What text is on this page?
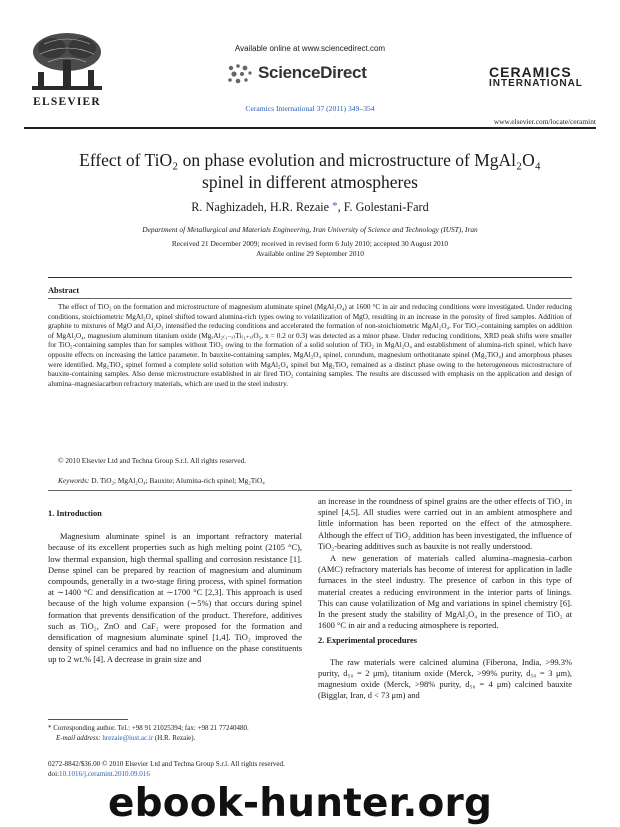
ELSEVIER
Available online at www.sciencedirect.com
ScienceDirect
Ceramics International 37 (2011) 349–354
CERAMICS
INTERNATIONAL
www.elsevier.com/locate/ceramint
Effect of TiO₂ on phase evolution and microstructure of MgAl₂O₄
spinel in different atmospheres
R. Naghizadeh, H.R. Rezaie *, F. Golestani-Fard
Department of Metallurgical and Materials Engineering, Iran University of Science and Technology (IUST), Iran
Received 21 December 2009; received in revised form 6 July 2010; accepted 30 August 2010
Available online 29 September 2010
Abstract
The effect of TiO₂ on the formation and microstructure of magnesium aluminate spinel (MgAl₂O₄) at 1600 °C in air and reducing conditions were investigated. Under reducing conditions, stoichiometric MgAl₂O₄ spinel shifted toward alumina-rich types owing to volatilization of MgO, resulting in an increase in the porosity of fired samples. Addition of graphite to mixtures of MgO and Al₂O₃ intensified the reducing conditions and accelerated the formation of non-stoichiometric MgAl₂O₄. For TiO₂-containing samples on addition of MgAl₂O₄, magnesium aluminum titanium oxide (MgₓAl₂₍₁₋ₓ₎Ti₍₁₊ₓ₎O₅, x = 0.2 or 0.3) was detected as a minor phase. Under reducing conditions, XRD peak shifts were smaller for TiO₂-containing samples than for samples without TiO₂ owing to the formation of a solid solution of TiO₂ in MgAl₂O₄ and establishment of alumina-rich spinel, which have opposite effects on increasing the lattice parameter. In bauxite-containing samples, MgAl₂O₄ spinel, corundum, magnesium orthotitanate spinel (Mg₂TiO₄) and amorphous phases were identified. Mg₂TiO₄ spinel formed a complete solid solution with MgAl₂O₄ spinel but Mg₂TiO₄ remained as a distinct phase owing to the heterogeneous microstructure of bauxite-containing samples. Also dense microstructure established in air fired TiO₂ containing samples. The results are discussed with emphasis on the application and design of alumina–magnesiacarbon refractory materials, which are used in the steel industry.
© 2010 Elsevier Ltd and Techna Group S.r.l. All rights reserved.
Keywords: D. TiO₂; MgAl₂O₄; Bauxite; Alumina-rich spinel; Mg₂TiO₄
1. Introduction
Magnesium aluminate spinel is an important refractory material because of its excellent properties such as high melting point (2105 °C), low thermal expansion, high thermal spalling and corrosion resistance [1]. Dense spinel can be prepared by reaction of magnesium and aluminum compounds, generally in a two-stage firing process, with spinel formation at ∼1400 °C and densification at ∼1700 °C [2,3]. This approach is used because of the high volume expansion (∼5%) that occurs during spinel formation that prevents densification of the product. Therefore, additives such as TiO₂, ZnO and CaF₂ were proposed for the formation and densification of magnesium aluminate spinel [1,4]. TiO₂ improved the density of spinel ceramics and had no influence on the phase constituents up to 2 wt.% [4]. A decrease in grain size and
* Corresponding author. Tel.: +98 91 21025394; fax: +98 21 77240480.
E-mail address: hrezaie@iust.ac.ir (H.R. Rezaie).
0272-8842/$36.00 © 2010 Elsevier Ltd and Techna Group S.r.l. All rights reserved.
doi:10.1016/j.ceramint.2010.09.016
an increase in the roundness of spinel grains are the other effects of TiO₂ in spinel [4,5]. All studies were carried out in an ambient atmosphere and little information has been reported on the effect of the atmosphere. Although the effect of TiO₂ addition has been investigated, the influence of TiO₂-bearing additives such as bauxite is not really understood.
A new generation of materials called alumina–magnesia–carbon (AMC) refractory materials has become of interest for application in ladle furnaces in the steel industry. The presence of carbon in this type of material creates a reducing environment in the interior parts of linings. This can cause volatilization of Mg and variations in spinel chemistry [6]. In the present study the stability of MgAl₂O₄ in the presence of TiO₂ at 1600 °C in air and a reducing atmosphere is reported.
2. Experimental procedures
The raw materials were calcined alumina (Fiberona, India, >99.3% purity, d₅₀ = 2 μm), titanium oxide (Merck, >99% purity, d₅₀ = 3 μm), magnesium oxide (Merck, >98% purity, d₅₀ = 4 μm) calcined bauxite (Bigglar, Iran, d < 73 μm) and
ebook-hunter.org
